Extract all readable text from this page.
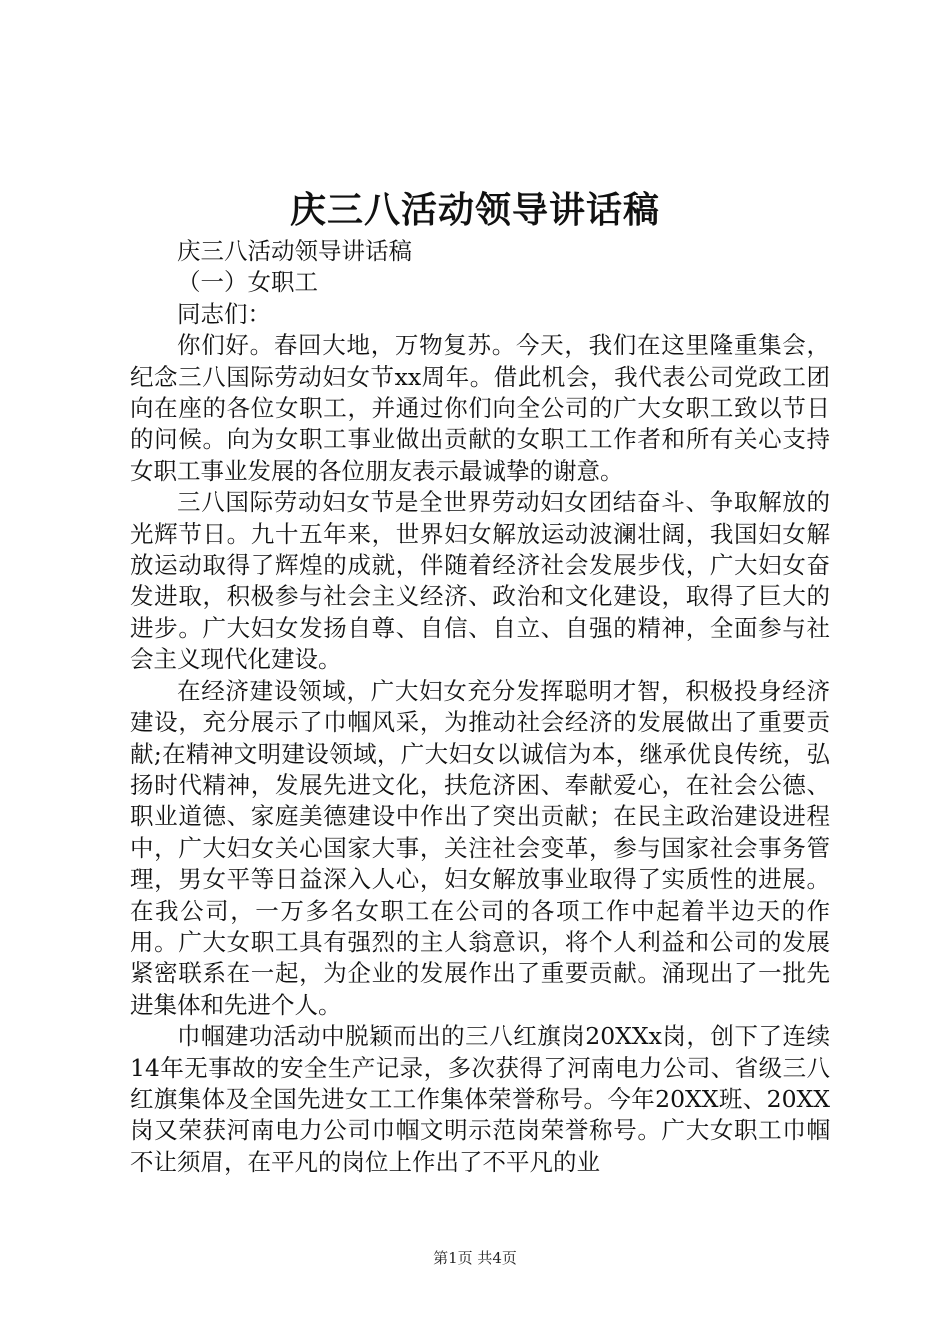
庆三八活动领导讲话稿

庆三八活动领导讲话稿

（一）女职工

同志们：

你们好。春回大地，万物复苏。今天，我们在这里隆重集会，纪念三八国际劳动妇女节xx周年。借此机会，我代表公司党政工团向在座的各位女职工，并通过你们向全公司的广大女职工致以节日的问候。向为女职工事业做出贡献的女职工工作者和所有关心支持女职工事业发展的各位朋友表示最诚挚的谢意。

三八国际劳动妇女节是全世界劳动妇女团结奋斗、争取解放的光辉节日。九十五年来，世界妇女解放运动波澜壮阔，我国妇女解放运动取得了辉煌的成就，伴随着经济社会发展步伐，广大妇女奋发进取，积极参与社会主义经济、政治和文化建设，取得了巨大的进步。广大妇女发扬自尊、自信、自立、自强的精神，全面参与社会主义现代化建设。

在经济建设领域，广大妇女充分发挥聪明才智，积极投身经济建设，充分展示了巾帼风采，为推动社会经济的发展做出了重要贡献;在精神文明建设领域，广大妇女以诚信为本，继承优良传统，弘扬时代精神，发展先进文化，扶危济困、奉献爱心，在社会公德、职业道德、家庭美德建设中作出了突出贡献；在民主政治建设进程中，广大妇女关心国家大事，关注社会变革，参与国家社会事务管理，男女平等日益深入人心，妇女解放事业取得了实质性的进展。在我公司，一万多名女职工在公司的各项工作中起着半边天的作用。广大女职工具有强烈的主人翁意识，将个人利益和公司的发展紧密联系在一起，为企业的发展作出了重要贡献。涌现出了一批先进集体和先进个人。

巾帼建功活动中脱颖而出的三八红旗岗20XXx岗，创下了连续14年无事故的安全生产记录，多次获得了河南电力公司、省级三八红旗集体及全国先进女工工作集体荣誉称号。今年20XX班、20XX岗又荣获河南电力公司巾帼文明示范岗荣誉称号。广大女职工巾帼不让须眉，在平凡的岗位上作出了不平凡的业

第1页 共4页
